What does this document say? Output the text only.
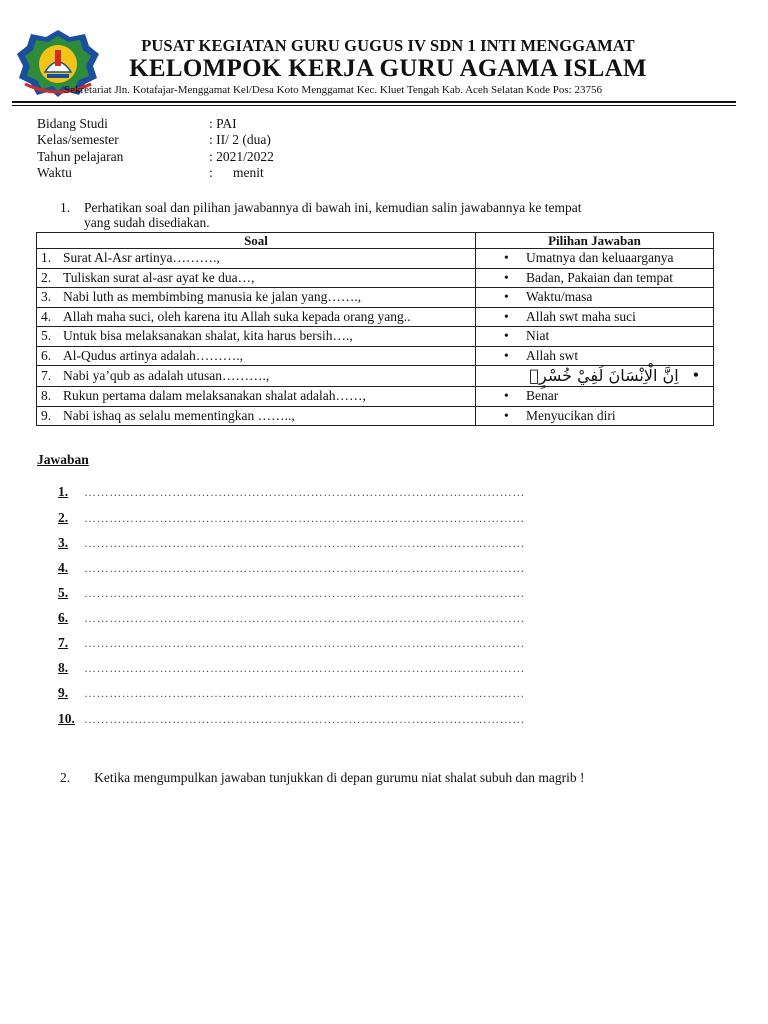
PUSAT KEGIATAN GURU GUGUS IV SDN 1 INTI MENGGAMAT
KELOMPOK KERJA GURU AGAMA ISLAM
Sekretariat Jln. Kotafajar-Menggamat Kel/Desa Koto Menggamat Kec. Kluet Tengah Kab. Aceh Selatan Kode Pos: 23756
Bidang Studi	: PAI
Kelas/semester	: II/ 2 (dua)
Tahun pelajaran	: 2021/2022
Waktu	:      menit
1. Perhatikan soal dan pilihan jawabannya di bawah ini, kemudian salin jawabannya ke tempat
yang sudah disediakan.
Soal	Pilihan Jawaban
1. Surat Al-Asr artinya……….,	• Umatnya dan keluaarganya
2. Tuliskan surat al-asr ayat ke dua…,	• Badan, Pakaian dan tempat
3. Nabi luth as membimbing manusia ke jalan yang…….,	• Waktu/masa
4. Allah maha suci, oleh karena itu Allah suka kepada orang yang..	• Allah swt maha suci
5. Untuk bisa melaksanakan shalat, kita harus bersih….,	• Niat
6. Al-Qudus artinya adalah……….,	• Allah swt
7. Nabi ya’qub as adalah utusan……….,	اِنَّ الْاِنْسَانَ لَفِيْ خُسْرٍۙ •
8. Rukun pertama dalam melaksanakan shalat adalah……,	• Benar
9. Nabi ishaq as selalu mementingkan ……..,	• Menyucikan diri
Jawaban
1. ……………………………………………………………………………………………
2. ……………………………………………………………………………………………
3. ……………………………………………………………………………………………
4. ……………………………………………………………………………………………
5. ……………………………………………………………………………………………
6. ……………………………………………………………………………………………
7. ……………………………………………………………………………………………
8. ……………………………………………………………………………………………
9. ……………………………………………………………………………………………
10. ……………………………………………………………………………………………
2. Ketika mengumpulkan jawaban tunjukkan di depan gurumu niat shalat subuh dan magrib !
